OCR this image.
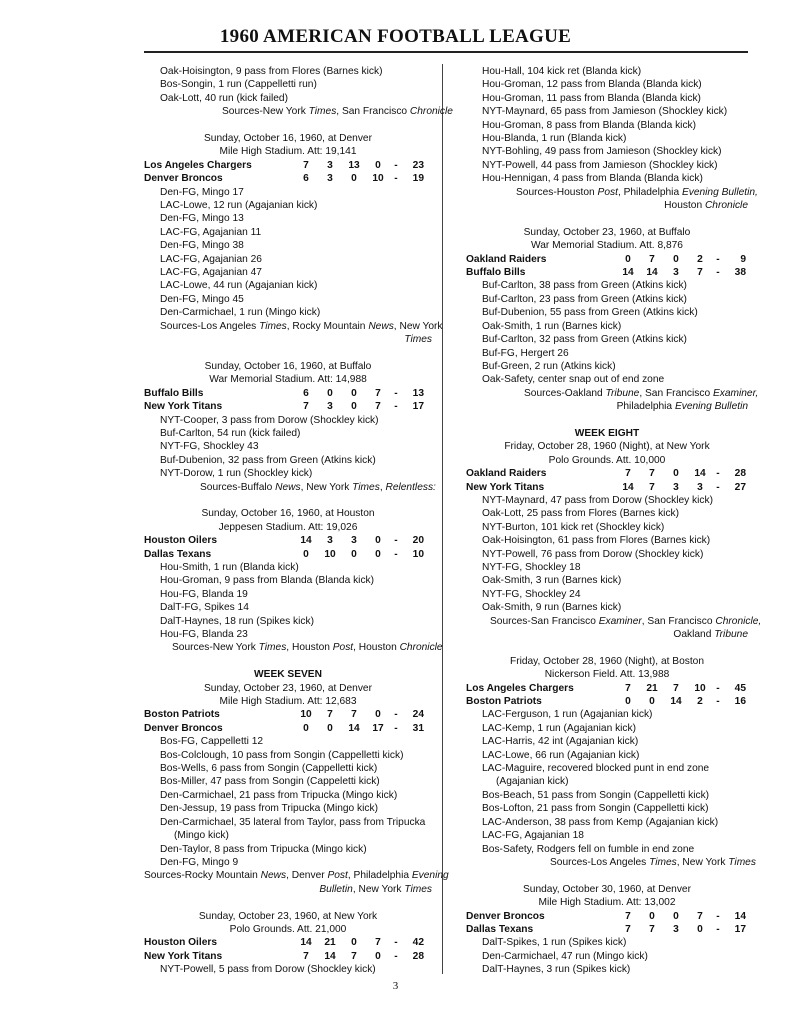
1960 AMERICAN FOOTBALL LEAGUE
Oak-Hoisington, 9 pass from Flores (Barnes kick)
Bos-Songin, 1 run (Cappelletti run)
Oak-Lott, 40 run (kick failed)
Sources-New York Times, San Francisco Chronicle
Sunday, October 16, 1960, at Denver
Mile High Stadium. Att: 19,141
Los Angeles Chargers	7	3	13	0	-	23
Denver Broncos	6	3	0	10	-	19
Den-FG, Mingo 17
LAC-Lowe, 12 run (Agajanian kick)
Den-FG, Mingo 13
LAC-FG, Agajanian 11
Den-FG, Mingo 38
LAC-FG, Agajanian 26
LAC-FG, Agajanian 47
LAC-Lowe, 44 run (Agajanian kick)
Den-FG, Mingo 45
Den-Carmichael, 1 run (Mingo kick)
Sources-Los Angeles Times, Rocky Mountain News, New York
Times
Sunday, October 16, 1960, at Buffalo
War Memorial Stadium. Att: 14,988
Buffalo Bills	6	0	0	7	-	13
New York Titans	7	3	0	7	-	17
NYT-Cooper, 3 pass from Dorow (Shockley kick)
Buf-Carlton, 54 run (kick failed)
NYT-FG, Shockley 43
Buf-Dubenion, 32 pass from Green (Atkins kick)
NYT-Dorow, 1 run (Shockley kick)
Sources-Buffalo News, New York Times, Relentless:
Sunday, October 16, 1960, at Houston
Jeppesen Stadium. Att: 19,026
Houston Oilers	14	3	3	0	-	20
Dallas Texans	0	10	0	0	-	10
Hou-Smith, 1 run (Blanda kick)
Hou-Groman, 9 pass from Blanda (Blanda kick)
Hou-FG, Blanda 19
DalT-FG, Spikes 14
DalT-Haynes, 18 run (Spikes kick)
Hou-FG, Blanda 23
Sources-New York Times, Houston Post, Houston Chronicle
WEEK SEVEN
Sunday, October 23, 1960, at Denver
Mile High Stadium. Att: 12,683
Boston Patriots	10	7	7	0	-	24
Denver Broncos	0	0	14	17	-	31
Bos-FG, Cappelletti 12
Bos-Colclough, 10 pass from Songin (Cappelletti kick)
Bos-Wells, 6 pass from Songin (Cappelletti kick)
Bos-Miller, 47 pass from Songin (Cappeletti kick)
Den-Carmichael, 21 pass from Tripucka (Mingo kick)
Den-Jessup, 19 pass from Tripucka (Mingo kick)
Den-Carmichael, 35 lateral from Taylor, pass from Tripucka (Mingo kick)
Den-Taylor, 8 pass from Tripucka (Mingo kick)
Den-FG, Mingo 9
Sources-Rocky Mountain News, Denver Post, Philadelphia Evening
Bulletin, New York Times
Sunday, October 23, 1960, at New York
Polo Grounds. Att. 21,000
Houston Oilers	14	21	0	7	-	42
New York Titans	7	14	7	0	-	28
NYT-Powell, 5 pass from Dorow (Shockley kick)
Hou-Hall, 104 kick ret (Blanda kick)
Hou-Groman, 12 pass from Blanda (Blanda kick)
Hou-Groman, 11 pass from Blanda (Blanda kick)
NYT-Maynard, 65 pass from Jamieson (Shockley kick)
Hou-Groman, 8 pass from Blanda (Blanda kick)
Hou-Blanda, 1 run (Blanda kick)
NYT-Bohling, 49 pass from Jamieson (Shockley kick)
NYT-Powell, 44 pass from Jamieson (Shockley kick)
Hou-Hennigan, 4 pass from Blanda (Blanda kick)
Sources-Houston Post, Philadelphia Evening Bulletin,
Houston Chronicle
Sunday, October 23, 1960, at Buffalo
War Memorial Stadium. Att. 8,876
Oakland Raiders	0	7	0	2	-	9
Buffalo Bills	14	14	3	7	-	38
Buf-Carlton, 38 pass from Green (Atkins kick)
Buf-Carlton, 23 pass from Green (Atkins kick)
Buf-Dubenion, 55 pass from Green (Atkins kick)
Oak-Smith, 1 run (Barnes kick)
Buf-Carlton, 32 pass from Green (Atkins kick)
Buf-FG, Hergert 26
Buf-Green, 2 run (Atkins kick)
Oak-Safety, center snap out of end zone
Sources-Oakland Tribune, San Francisco Examiner,
Philadelphia Evening Bulletin
WEEK EIGHT
Friday, October 28, 1960 (Night), at New York
Polo Grounds. Att. 10,000
Oakland Raiders	7	7	0	14	-	28
New York Titans	14	7	3	3	-	27
NYT-Maynard, 47 pass from Dorow (Shockley kick)
Oak-Lott, 25 pass from Flores (Barnes kick)
NYT-Burton, 101 kick ret (Shockley kick)
Oak-Hoisington, 61 pass from Flores (Barnes kick)
NYT-Powell, 76 pass from Dorow (Shockley kick)
NYT-FG, Shockley 18
Oak-Smith, 3 run (Barnes kick)
NYT-FG, Shockley 24
Oak-Smith, 9 run (Barnes kick)
Sources-San Francisco Examiner, San Francisco Chronicle,
Oakland Tribune
Friday, October 28, 1960 (Night), at Boston
Nickerson Field. Att. 13,988
Los Angeles Chargers	7	21	7	10	-	45
Boston Patriots	0	0	14	2	-	16
LAC-Ferguson, 1 run (Agajanian kick)
LAC-Kemp, 1 run (Agajanian kick)
LAC-Harris, 42 int (Agajanian kick)
LAC-Lowe, 66 run (Agajanian kick)
LAC-Maguire, recovered blocked punt in end zone (Agajanian kick)
Bos-Beach, 51 pass from Songin (Cappelletti kick)
Bos-Lofton, 21 pass from Songin (Cappelletti kick)
LAC-Anderson, 38 pass from Kemp (Agajanian kick)
LAC-FG, Agajanian 18
Bos-Safety, Rodgers fell on fumble in end zone
Sources-Los Angeles Times, New York Times
Sunday, October 30, 1960, at Denver
Mile High Stadium. Att: 13,002
Denver Broncos	7	0	0	7	-	14
Dallas Texans	7	7	3	0	-	17
DalT-Spikes, 1 run (Spikes kick)
Den-Carmichael, 47 run (Mingo kick)
DalT-Haynes, 3 run (Spikes kick)
3
